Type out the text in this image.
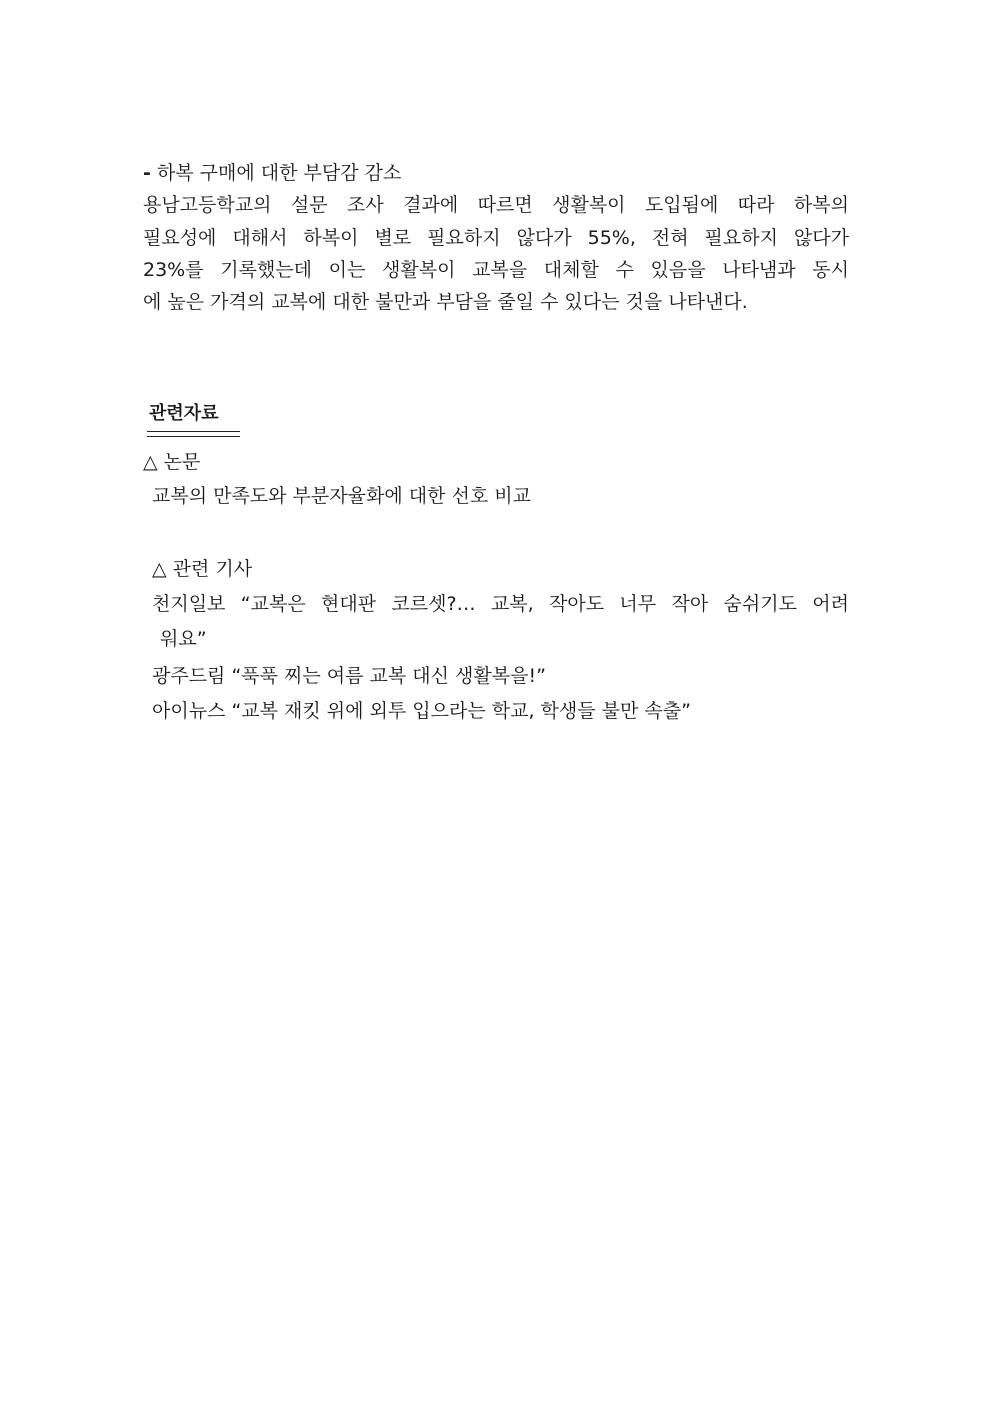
- 하복 구매에 대한 부담감 감소
용남고등학교의 설문 조사 결과에 따르면 생활복이 도입됨에 따라 하복의
필요성에 대해서 하복이 별로 필요하지 않다가 55%, 전혀 필요하지 않다가
23%를 기록했는데 이는 생활복이 교복을 대체할 수 있음을 나타냄과 동시
에 높은 가격의 교복에 대한 불만과 부담을 줄일 수 있다는 것을 나타낸다.
관련자료
△ 논문
교복의 만족도와 부분자율화에 대한 선호 비교
△ 관련 기사
천지일보 “교복은 현대판 코르셋?… 교복, 작아도 너무 작아 숨쉬기도 어려
워요”
광주드림 “푹푹 찌는 여름 교복 대신 생활복을!”
아이뉴스 “교복 재킷 위에 외투 입으라는 학교, 학생들 불만 속출”
